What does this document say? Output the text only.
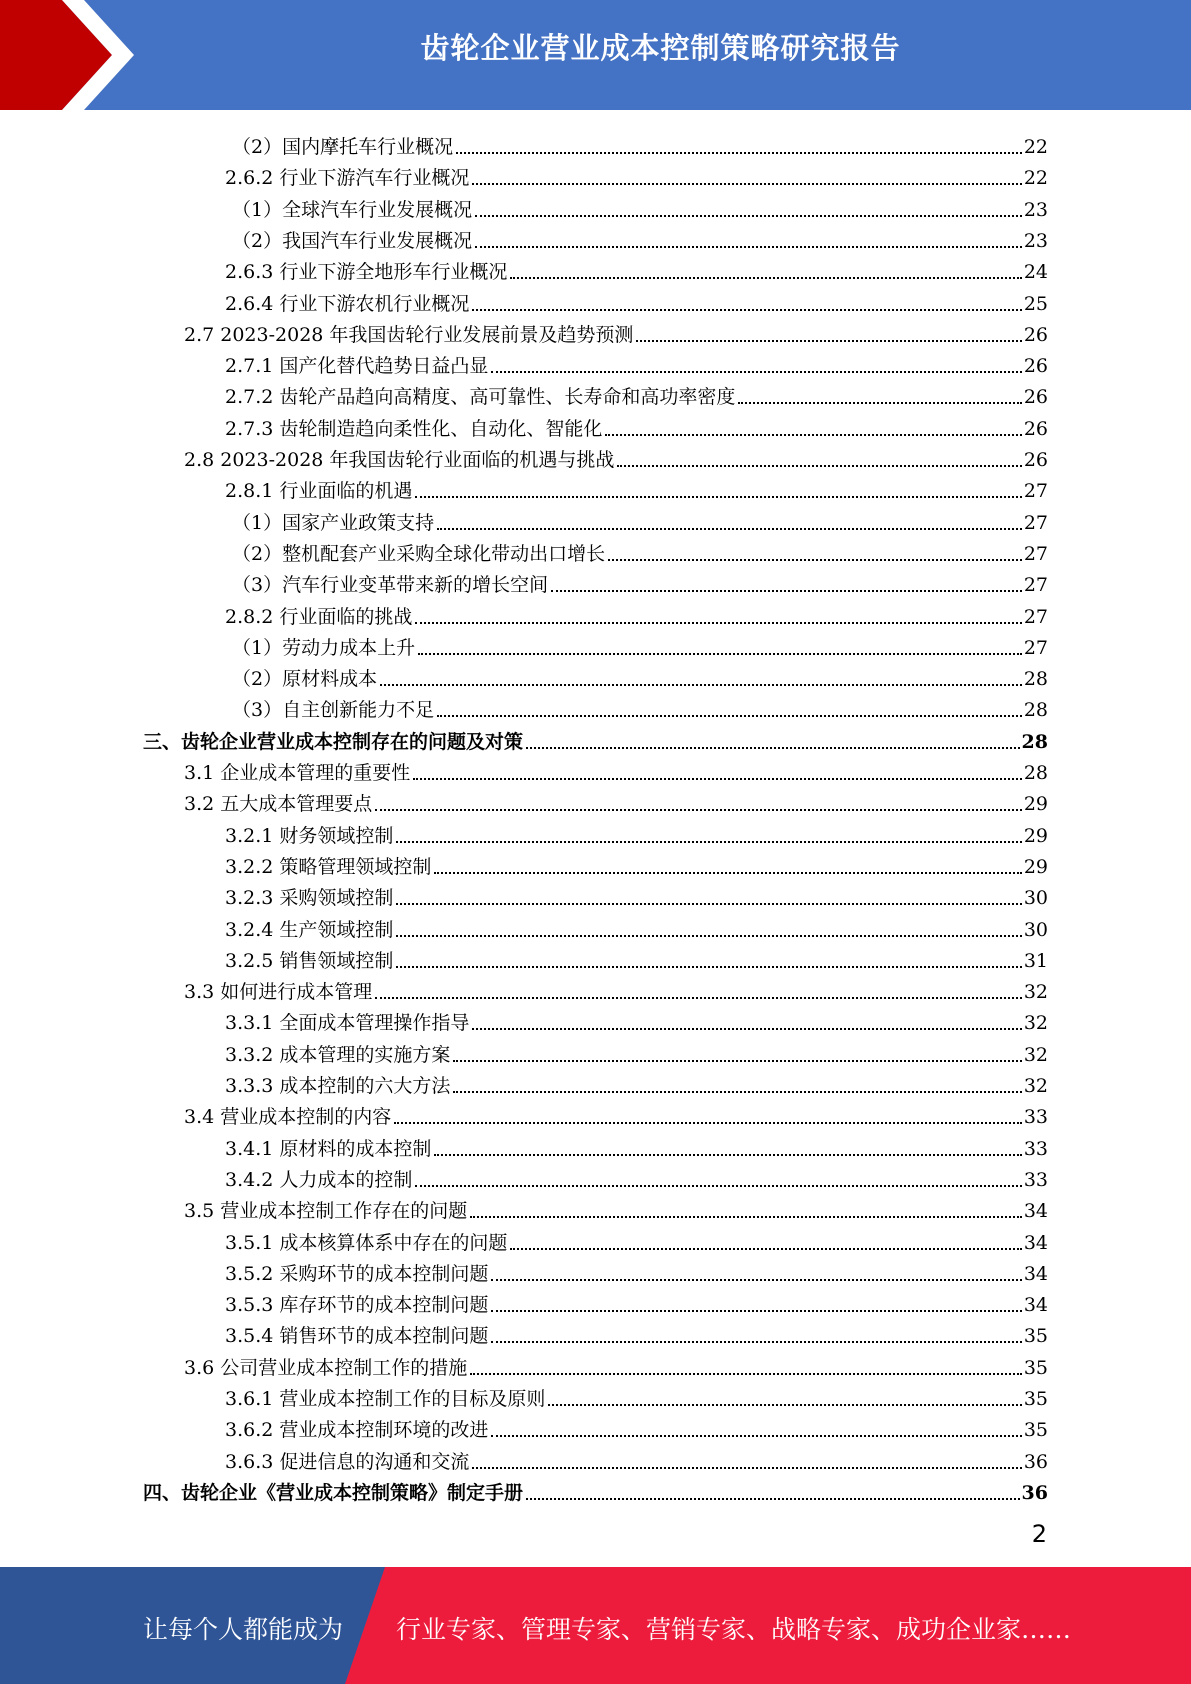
齿轮企业营业成本控制策略研究报告
（2）国内摩托车行业概况	22
2.6.2 行业下游汽车行业概况	22
（1）全球汽车行业发展概况	23
（2）我国汽车行业发展概况	23
2.6.3 行业下游全地形车行业概况	24
2.6.4 行业下游农机行业概况	25
2.7 2023-2028 年我国齿轮行业发展前景及趋势预测	26
2.7.1 国产化替代趋势日益凸显	26
2.7.2 齿轮产品趋向高精度、高可靠性、长寿命和高功率密度	26
2.7.3 齿轮制造趋向柔性化、自动化、智能化	26
2.8 2023-2028 年我国齿轮行业面临的机遇与挑战	26
2.8.1 行业面临的机遇	27
（1）国家产业政策支持	27
（2）整机配套产业采购全球化带动出口增长	27
（3）汽车行业变革带来新的增长空间	27
2.8.2 行业面临的挑战	27
（1）劳动力成本上升	27
（2）原材料成本	28
（3）自主创新能力不足	28
三、齿轮企业营业成本控制存在的问题及对策	28
3.1 企业成本管理的重要性	28
3.2 五大成本管理要点	29
3.2.1 财务领域控制	29
3.2.2 策略管理领域控制	29
3.2.3 采购领域控制	30
3.2.4 生产领域控制	30
3.2.5 销售领域控制	31
3.3 如何进行成本管理	32
3.3.1 全面成本管理操作指导	32
3.3.2 成本管理的实施方案	32
3.3.3 成本控制的六大方法	32
3.4 营业成本控制的内容	33
3.4.1 原材料的成本控制	33
3.4.2 人力成本的控制	33
3.5 营业成本控制工作存在的问题	34
3.5.1 成本核算体系中存在的问题	34
3.5.2 采购环节的成本控制问题	34
3.5.3 库存环节的成本控制问题	34
3.5.4 销售环节的成本控制问题	35
3.6 公司营业成本控制工作的措施	35
3.6.1 营业成本控制工作的目标及原则	35
3.6.2 营业成本控制环境的改进	35
3.6.3 促进信息的沟通和交流	36
四、齿轮企业《营业成本控制策略》制定手册	36
2
让每个人都能成为 行业专家、管理专家、营销专家、战略专家、成功企业家……
